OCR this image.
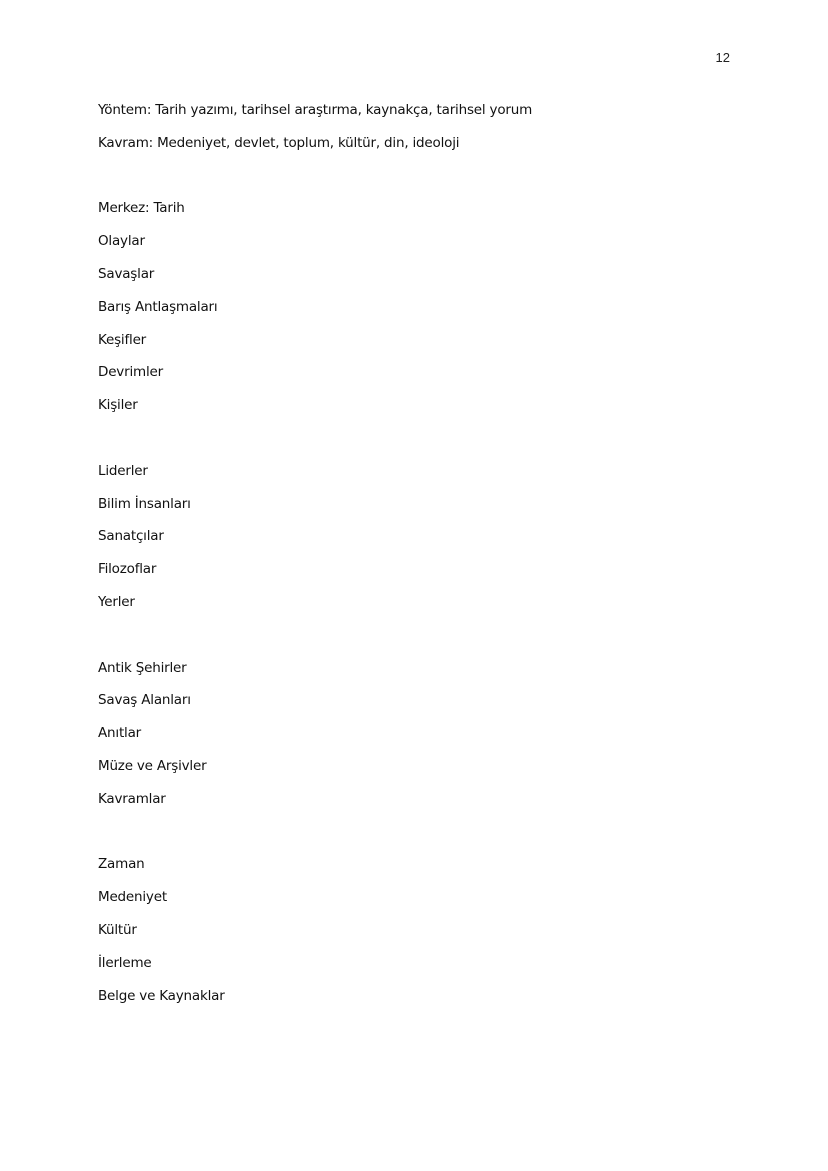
12
Yöntem: Tarih yazımı, tarihsel araştırma, kaynakça, tarihsel yorum
Kavram: Medeniyet, devlet, toplum, kültür, din, ideoloji
Merkez: Tarih
Olaylar
Savaşlar
Barış Antlaşmaları
Keşifler
Devrimler
Kişiler
Liderler
Bilim İnsanları
Sanatçılar
Filozoflar
Yerler
Antik Şehirler
Savaş Alanları
Anıtlar
Müze ve Arşivler
Kavramlar
Zaman
Medeniyet
Kültür
İlerleme
Belge ve Kaynaklar
